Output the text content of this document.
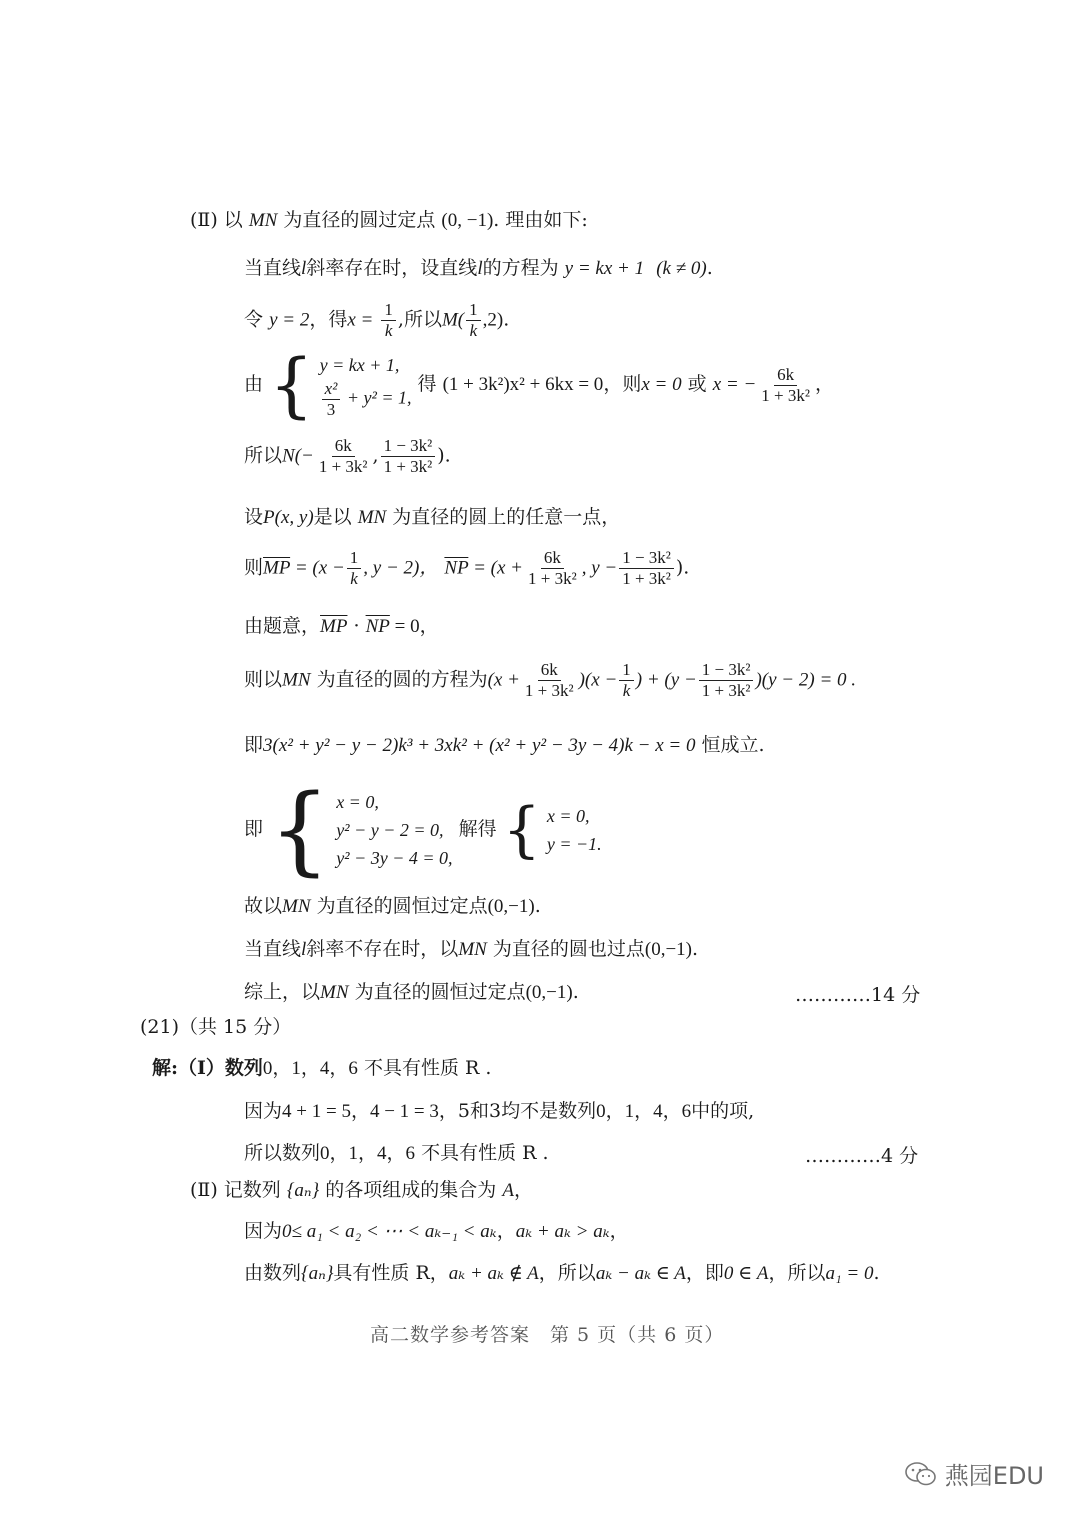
(Ⅱ) 以 MN 为直径的圆过定点 (0, −1). 理由如下:
当直线l斜率存在时，设直线l的方程为 y = kx + 1 (k ≠ 0).
令 y = 2，得$x = \frac{1}{k}$ ,所以$M( \frac{1}{k} ,2)$.
由 { y = kx + 1,
$\frac{\text{x²}}{3} + y^2 = 1$,
得 (1 + 3k²)x² + 6kx = 0，则x = 0 或 x = − $\frac{6k}{\text{1 + 3k²}}$ ，
所以$N(- \frac{6k}{\text{1 + 3k²}}$ , $\frac{\text{1 − 3k²}}{\text{1 + 3k²}}$ ).
设P(x, y)是以 MN 为直径的圆上的任意一点，
则$\overline{MP} = (x - \frac{1}{k}$ , y − 2)， $\overline{NP} = (x + \frac{6k}{\text{1 + 3k²}}$ , $y - \frac{\text{1 − 3k²}}{\text{1 + 3k²}}$ ).
由题意，$\overline{MP} \cdot \overline{NP} = 0$，
则以MN 为直径的圆的方程为$(x + \frac{6k}{\text{1 + 3k²}} )(x - \frac{1}{k}$ ) + $(y - \frac{\text{1 − 3k²}}{\text{1 + 3k²}} )(y - 2) = 0$ .
即3(x² + y² − y − 2)k³ + 3xk² + (x² + y² − 3y − 4)k − x = 0 恒成立.
即 { x = 0,
y² − y − 2 = 0,
y² − 3y − 4 = 0,
解得 { x = 0,
y = −1.
故以MN 为直径的圆恒过定点(0,−1).
当直线l斜率不存在时，以MN 为直径的圆也过点(0,−1).
综上，以MN 为直径的圆恒过定点(0,−1).	…………14 分
(21)（共 15 分）
解:（Ⅰ）数列0，1，4，6 不具有性质 R .
因为4 + 1 = 5，4 − 1 = 3，5和3均不是数列0，1，4，6中的项,
所以数列0，1，4，6 不具有性质 R .	…………4 分
(Ⅱ) 记数列 {aₙ} 的各项组成的集合为 A，
因为0≤ a₁ < a₂ < ⋯ < aₖ₋₁ < aₖ，aₖ + aₖ > aₖ，
由数列{aₙ}具有性质 R，aₖ + aₖ ∉ A，所以aₖ − aₖ ∈ A，即0 ∈ A，所以a₁ = 0.
高二数学参考答案　第 5 页（共 6 页）
燕园EDU
